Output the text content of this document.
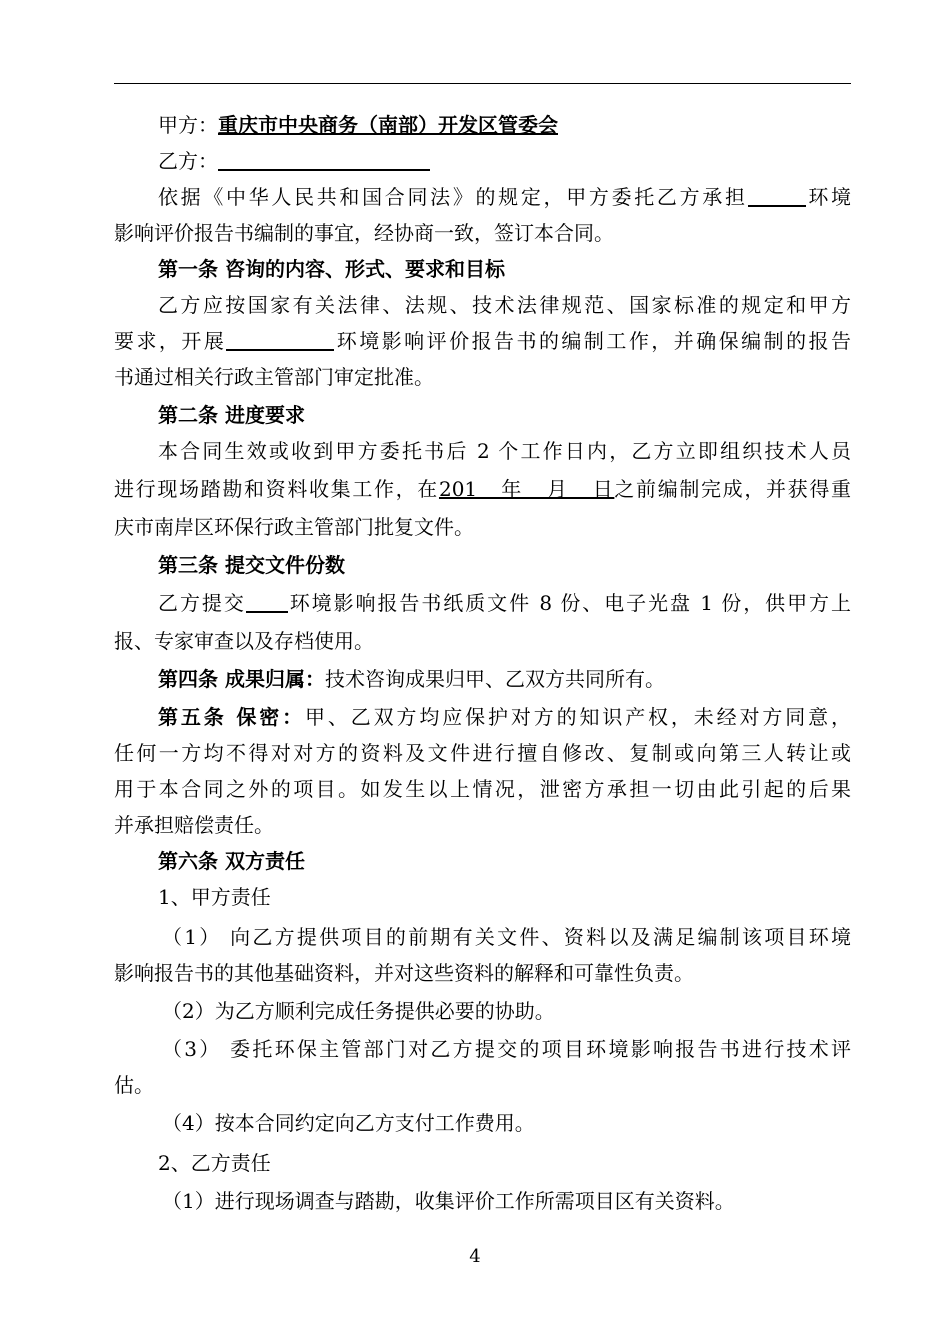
甲方：重庆市中央商务（南部）开发区管委会
乙方：
依据《中华人民共和国合同法》的规定，甲方委托乙方承担	环境
影响评价报告书编制的事宜，经协商一致，签订本合同。
第一条 咨询的内容、形式、要求和目标
乙方应按国家有关法律、法规、技术法律规范、国家标准的规定和甲方
要求，开展	环境影响评价报告书的编制工作，并确保编制的报告
书通过相关行政主管部门审定批准。
第二条 进度要求
本合同生效或收到甲方委托书后 2 个工作日内，乙方立即组织技术人员
进行现场踏勘和资料收集工作，在201   年   月   日之前编制完成，并获得重
庆市南岸区环保行政主管部门批复文件。
第三条 提交文件份数
乙方提交 环境影响报告书纸质文件 8 份、电子光盘 1 份，供甲方上
报、专家审查以及存档使用。
第四条 成果归属：技术咨询成果归甲、乙双方共同所有。
第五条 保密：甲、乙双方均应保护对方的知识产权，未经对方同意，
任何一方均不得对对方的资料及文件进行擅自修改、复制或向第三人转让或
用于本合同之外的项目。如发生以上情况，泄密方承担一切由此引起的后果
并承担赔偿责任。
第六条 双方责任
1、甲方责任
（1） 向乙方提供项目的前期有关文件、资料以及满足编制该项目环境
影响报告书的其他基础资料，并对这些资料的解释和可靠性负责。
（2）为乙方顺利完成任务提供必要的协助。
（3） 委托环保主管部门对乙方提交的项目环境影响报告书进行技术评
估。
（4）按本合同约定向乙方支付工作费用。
2、乙方责任
（1）进行现场调查与踏勘，收集评价工作所需项目区有关资料。
4
